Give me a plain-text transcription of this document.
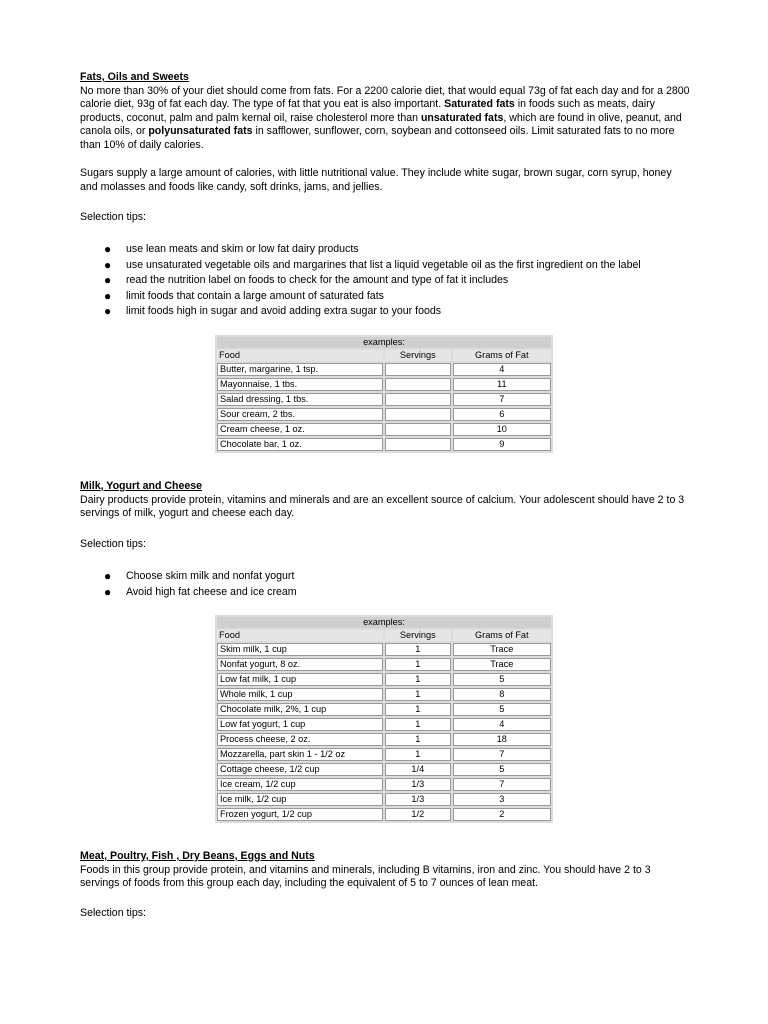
Fats, Oils and Sweets

No more than 30% of your diet should come from fats. For a 2200 calorie diet, that would equal 73g of fat each day and for a 2800 calorie diet, 93g of fat each day. The type of fat that you eat is also important. Saturated fats in foods such as meats, dairy products, coconut, palm and palm kernal oil, raise cholesterol more than unsaturated fats, which are found in olive, peanut, and canola oils, or polyunsaturated fats in safflower, sunflower, corn, soybean and cottonseed oils. Limit saturated fats to no more than 10% of daily calories.

Sugars supply a large amount of calories, with little nutritional value. They include white sugar, brown sugar, corn syrup, honey and molasses and foods like candy, soft drinks, jams, and jellies.

Selection tips:

● use lean meats and skim or low fat dairy products
● use unsaturated vegetable oils and margarines that list a liquid vegetable oil as the first ingredient on the label
● read the nutrition label on foods to check for the amount and type of fat it includes
● limit foods that contain a large amount of saturated fats
● limit foods high in sugar and avoid adding extra sugar to your foods
examples:		
Food	Servings	Grams of Fat
Butter, margarine, 1 tsp.		4
Mayonnaise, 1 tbs.		11
Salad dressing, 1 tbs.		7
Sour cream, 2 tbs.		6
Cream cheese, 1 oz.		10
Chocolate bar, 1 oz.		9
Milk, Yogurt and Cheese

Dairy products provide protein, vitamins and minerals and are an excellent source of calcium. Your adolescent should have 2 to 3 servings of milk, yogurt and cheese each day.

Selection tips:

● Choose skim milk and nonfat yogurt
● Avoid high fat cheese and ice cream
examples:		
Food	Servings	Grams of Fat
Skim milk, 1 cup	1	Trace
Nonfat yogurt, 8 oz.	1	Trace
Low fat milk, 1 cup	1	5
Whole milk, 1 cup	1	8
Chocolate milk, 2%, 1 cup	1	5
Low fat yogurt, 1 cup	1	4
Process cheese, 2 oz.	1	18
Mozzarella, part skin 1 - 1/2 oz	1	7
Cottage cheese, 1/2 cup	1/4	5
Ice cream, 1/2 cup	1/3	7
Ice milk, 1/2 cup	1/3	3
Frozen yogurt, 1/2 cup	1/2	2
Meat, Poultry, Fish , Dry Beans, Eggs and Nuts

Foods in this group provide protein, and vitamins and minerals, including B vitamins, iron and zinc. You should have 2 to 3 servings of foods from this group each day, including the equivalent of 5 to 7 ounces of lean meat.

Selection tips:
